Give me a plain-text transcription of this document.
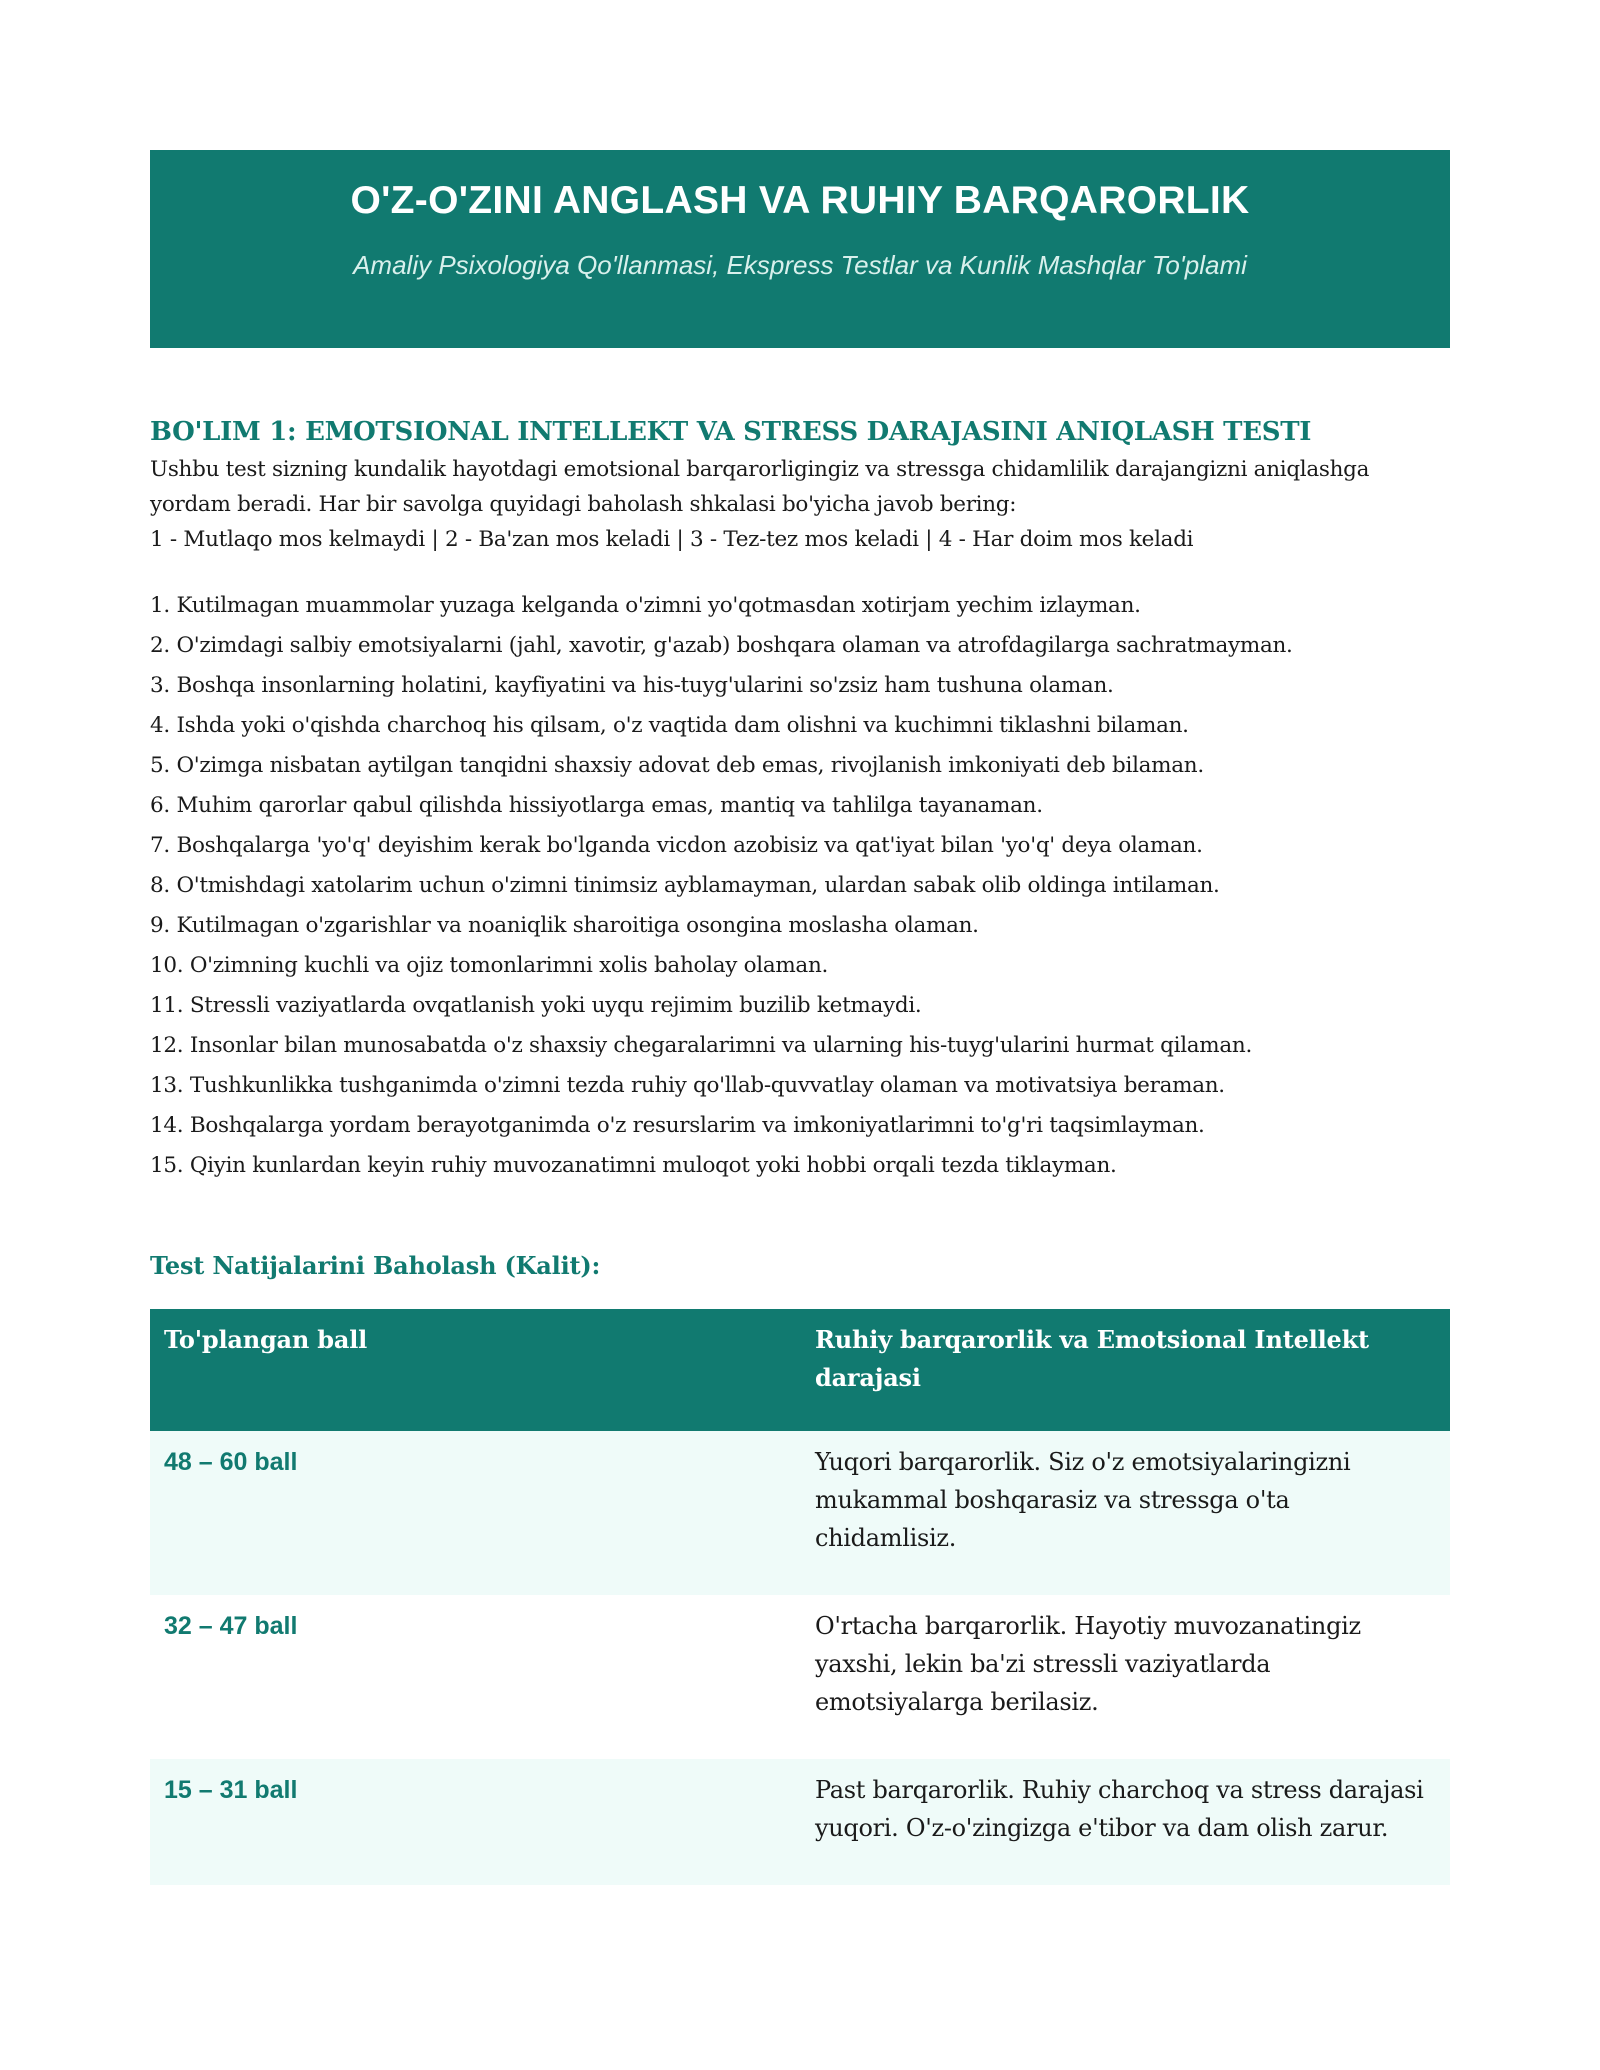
O'Z-O'ZINI ANGLASH VA RUHIY BARQARORLIK
Amaliy Psixologiya Qo'llanmasi, Ekspress Testlar va Kunlik Mashqlar To'plami
BO'LIM 1: EMOTSIONAL INTELLEKT VA STRESS DARAJASINI ANIQLASH TESTI

Ushbu test sizning kundalik hayotdagi emotsional barqarorligingiz va stressga chidamlilik darajangizni aniqlashga

yordam beradi. Har bir savolga quyidagi baholash shkalasi bo'yicha javob bering:

1 - Mutlaqo mos kelmaydi | 2 - Ba'zan mos keladi | 3 - Tez-tez mos keladi | 4 - Har doim mos keladi

1. Kutilmagan muammolar yuzaga kelganda o'zimni yo'qotmasdan xotirjam yechim izlayman.
2. O'zimdagi salbiy emotsiyalarni (jahl, xavotir, g'azab) boshqara olaman va atrofdagilarga sachratmayman.
3. Boshqa insonlarning holatini, kayfiyatini va his-tuyg'ularini so'zsiz ham tushuna olaman.
4. Ishda yoki o'qishda charchoq his qilsam, o'z vaqtida dam olishni va kuchimni tiklashni bilaman.
5. O'zimga nisbatan aytilgan tanqidni shaxsiy adovat deb emas, rivojlanish imkoniyati deb bilaman.
6. Muhim qarorlar qabul qilishda hissiyotlarga emas, mantiq va tahlilga tayanaman.
7. Boshqalarga 'yo'q' deyishim kerak bo'lganda vicdon azobisiz va qat'iyat bilan 'yo'q' deya olaman.
8. O'tmishdagi xatolarim uchun o'zimni tinimsiz ayblamayman, ulardan sabak olib oldinga intilaman.
9. Kutilmagan o'zgarishlar va noaniqlik sharoitiga osongina moslasha olaman.
10. O'zimning kuchli va ojiz tomonlarimni xolis baholay olaman.
11. Stressli vaziyatlarda ovqatlanish yoki uyqu rejimim buzilib ketmaydi.
12. Insonlar bilan munosabatda o'z shaxsiy chegaralarimni va ularning his-tuyg'ularini hurmat qilaman.
13. Tushkunlikka tushganimda o'zimni tezda ruhiy qo'llab-quvvatlay olaman va motivatsiya beraman.
14. Boshqalarga yordam berayotganimda o'z resurslarim va imkoniyatlarimni to'g'ri taqsimlayman.
15. Qiyin kunlardan keyin ruhiy muvozanatimni muloqot yoki hobbi orqali tezda tiklayman.
Test Natijalarini Baholash (Kalit):
To'plangan ball	Ruhiy barqarorlik va Emotsional Intellekt darajasi
48 – 60 ball	Yuqori barqarorlik. Siz o'z emotsiyalaringizni mukammal boshqarasiz va stressga o'ta chidamlisiz.
32 – 47 ball	O'rtacha barqarorlik. Hayotiy muvozanatingiz yaxshi, lekin ba'zi stressli vaziyatlarda emotsiyalarga berilasiz.
15 – 31 ball	Past barqarorlik. Ruhiy charchoq va stress darajasi yuqori. O'z-o'zingizga e'tibor va dam olish zarur.
